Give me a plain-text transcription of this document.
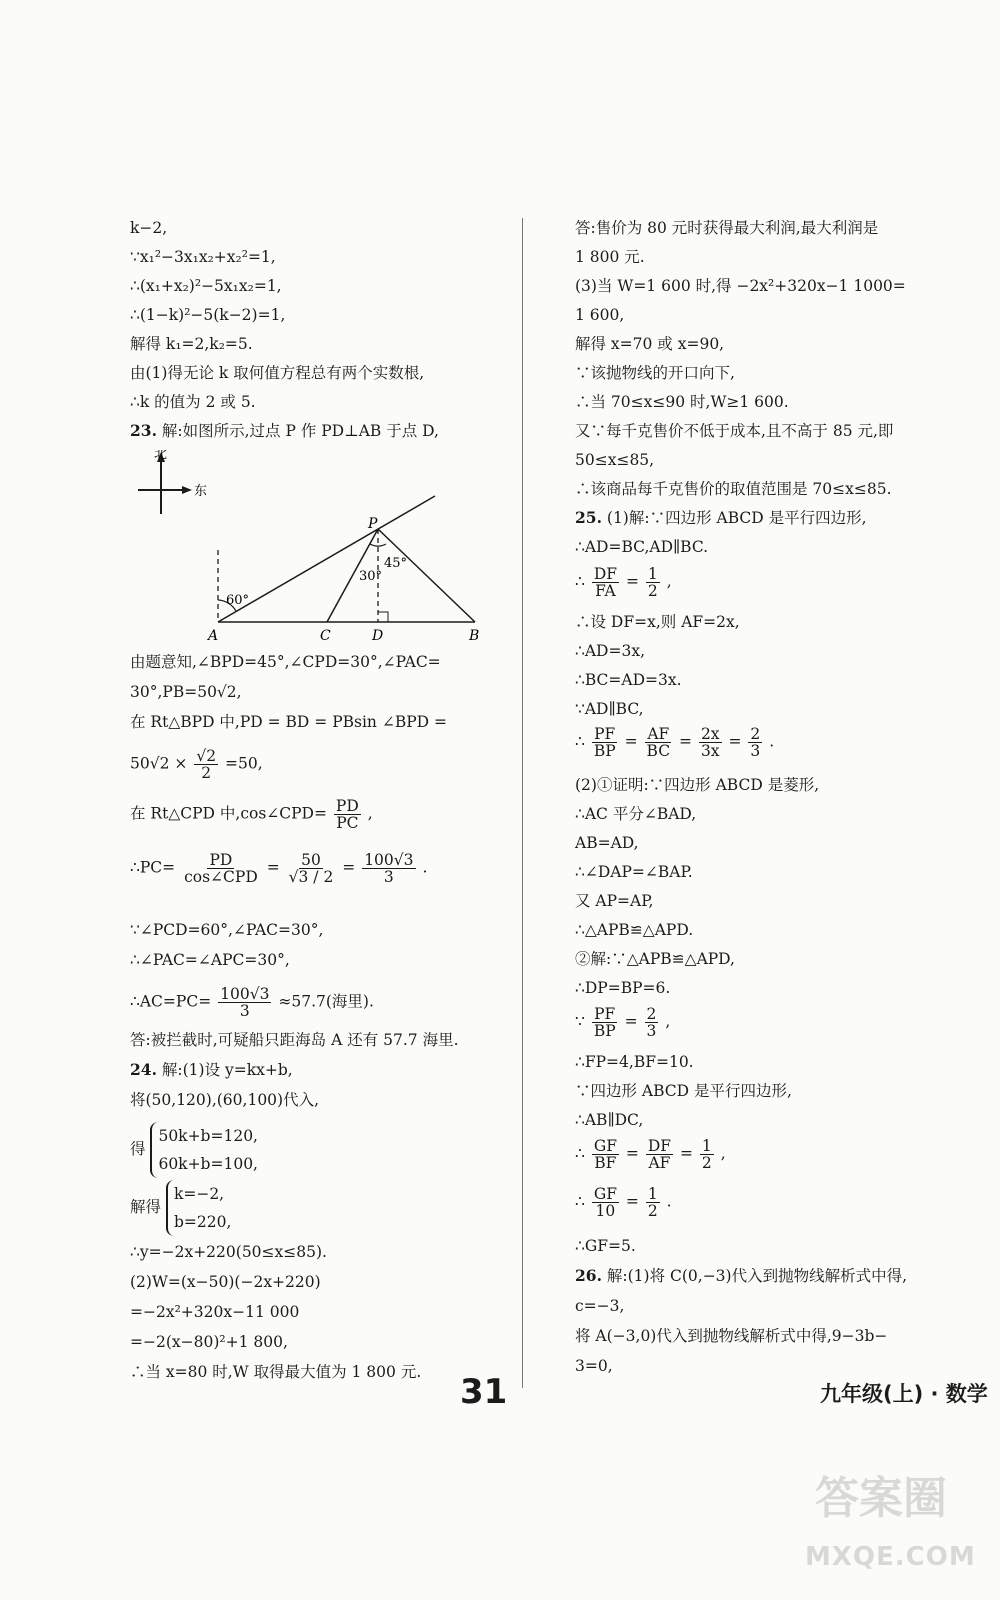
k−2,
∵x₁²−3x₁x₂+x₂²=1,
∴(x₁+x₂)²−5x₁x₂=1,
∴(1−k)²−5(k−2)=1,
解得 k₁=2,k₂=5.
由(1)得无论 k 取何值方程总有两个实数根,
∴k 的值为 2 或 5.
23. 解:如图所示,过点 P 作 PD⊥AB 于点 D,
由题意知,∠BPD=45°,∠CPD=30°,∠PAC=
30°,PB=50√2,
在 Rt△BPD 中,PD = BD = PBsin ∠BPD =
$50√2 \times \frac{√2}{2} =50$,
在 Rt△CPD 中,cos∠CPD= $\frac{PD}{PC}$ ,
∴PC= $\frac{PD}{\text{cos∠CPD}} = \frac{50}{√3 / 2} = \frac{100√3}{3}$ .
∵∠PCD=60°,∠PAC=30°,
∴∠PAC=∠APC=30°,
∴AC=PC= $\frac{100√3}{3} \approx 57.7$(海里).
答:被拦截时,可疑船只距海岛 A 还有 57.7 海里.
24. 解:(1)设 y=kx+b,
将(50,120),(60,100)代入,
得 50k+b=120,
60k+b=100,
解得 k=−2,
b=220,
∴y=−2x+220(50≤x≤85).
(2)W=(x−50)(−2x+220)
=−2x²+320x−11 000
=−2(x−80)²+1 800,
∴当 x=80 时,W 取得最大值为 1 800 元.
北
东
60°
30°
45°
P
A	C	D	B
答:售价为 80 元时获得最大利润,最大利润是
1 800 元.
(3)当 W=1 600 时,得 −2x²+320x−1 1000=
1 600,
解得 x=70 或 x=90,
∵该抛物线的开口向下,
∴当 70≤x≤90 时,W≥1 600.
又∵每千克售价不低于成本,且不高于 85 元,即
50≤x≤85,
∴该商品每千克售价的取值范围是 70≤x≤85.
25. (1)解:∵四边形 ABCD 是平行四边形,
∴AD=BC,AD∥BC.
∴ $\frac{DF}{FA} = \frac{1}{2}$ ,
∴设 DF=x,则 AF=2x,
∴AD=3x,
∴BC=AD=3x.
∵AD∥BC,
∴ $\frac{PF}{BP} = \frac{AF}{BC} = \frac{2x}{3x} = \frac{2}{3}$ .
(2)①证明:∵四边形 ABCD 是菱形,
∴AC 平分∠BAD,
AB=AD,
∴∠DAP=∠BAP.
又 AP=AP,
∴△APB≌△APD.
②解:∵△APB≌△APD,
∴DP=BP=6.
∵ $\frac{PF}{BP} = \frac{2}{3}$ ,
∴FP=4,BF=10.
∵四边形 ABCD 是平行四边形,
∴AB∥DC,
∴ $\frac{GF}{BF} = \frac{DF}{AF} = \frac{1}{2}$ ,
∴ $\frac{GF}{10} = \frac{1}{2}$ .
∴GF=5.
26. 解:(1)将 C(0,−3)代入到抛物线解析式中得,
c=−3,
将 A(−3,0)代入到抛物线解析式中得,9−3b−
3=0,
31	九年级(上) · 数学
答案圈
MXQE.COM
